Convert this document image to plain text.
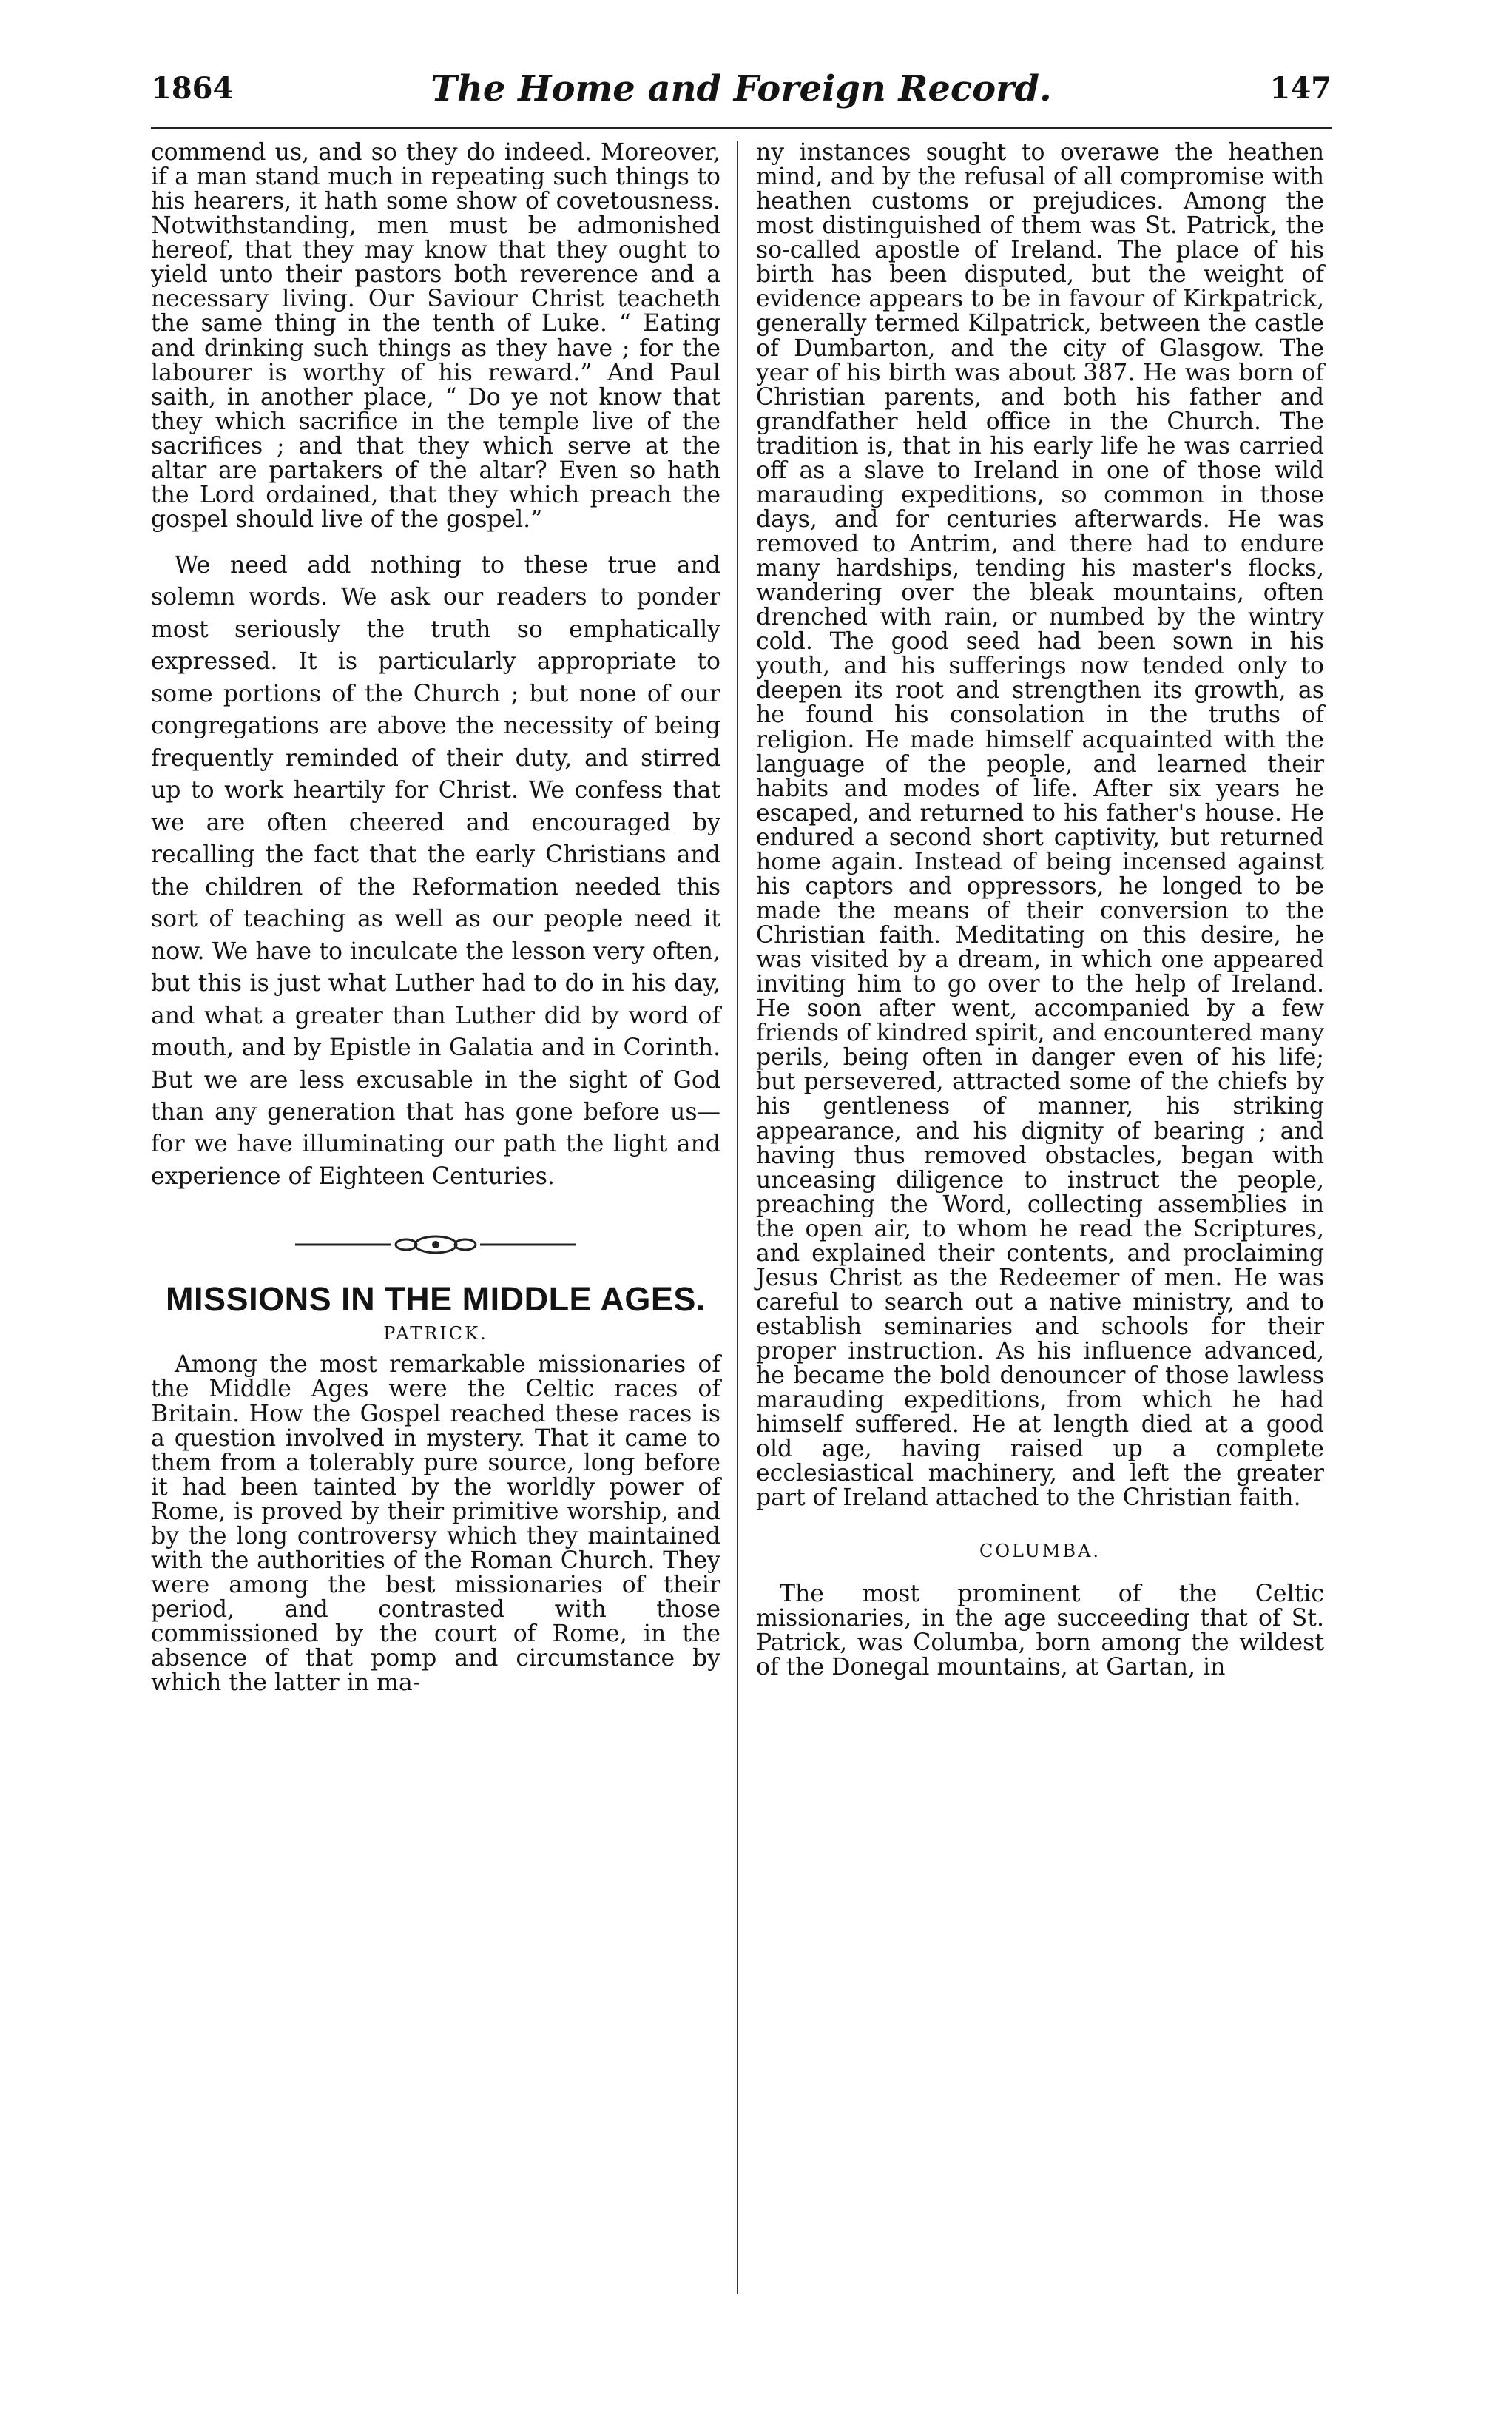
1864	The Home and Foreign Record.	147

commend us, and so they do indeed. Moreover, if a man stand much in repeating such things to his hearers, it hath some show of covetousness. Notwithstanding, men must be admonished hereof, that they may know that they ought to yield unto their pastors both reverence and a necessary living. Our Saviour Christ teacheth the same thing in the tenth of Luke. “ Eating and drinking such things as they have ; for the labourer is worthy of his reward.” And Paul saith, in another place, “ Do ye not know that they which sacrifice in the temple live of the sacrifices ; and that they which serve at the altar are partakers of the altar? Even so hath the Lord ordained, that they which preach the gospel should live of the gospel.”

We need add nothing to these true and solemn words. We ask our readers to ponder most seriously the truth so emphatically expressed. It is particularly appropriate to some portions of the Church ; but none of our congregations are above the necessity of being frequently reminded of their duty, and stirred up to work heartily for Christ. We confess that we are often cheered and encouraged by recalling the fact that the early Christians and the children of the Reformation needed this sort of teaching as well as our people need it now. We have to inculcate the lesson very often, but this is just what Luther had to do in his day, and what a greater than Luther did by word of mouth, and by Epistle in Galatia and in Corinth. But we are less excusable in the sight of God than any generation that has gone before us—for we have illuminating our path the light and experience of Eighteen Centuries.

MISSIONS IN THE MIDDLE AGES.
PATRICK.

Among the most remarkable missionaries of the Middle Ages were the Celtic races of Britain. How the Gospel reached these races is a question involved in mystery. That it came to them from a tolerably pure source, long before it had been tainted by the worldly power of Rome, is proved by their primitive worship, and by the long controversy which they maintained with the authorities of the Roman Church. They were among the best missionaries of their period, and contrasted with those commissioned by the court of Rome, in the absence of that pomp and circumstance by which the latter in ma-

ny instances sought to overawe the heathen mind, and by the refusal of all compromise with heathen customs or prejudices. Among the most distinguished of them was St. Patrick, the so-called apostle of Ireland. The place of his birth has been disputed, but the weight of evidence appears to be in favour of Kirkpatrick, generally termed Kilpatrick, between the castle of Dumbarton, and the city of Glasgow. The year of his birth was about 387. He was born of Christian parents, and both his father and grandfather held office in the Church. The tradition is, that in his early life he was carried off as a slave to Ireland in one of those wild marauding expeditions, so common in those days, and for centuries afterwards. He was removed to Antrim, and there had to endure many hardships, tending his master's flocks, wandering over the bleak mountains, often drenched with rain, or numbed by the wintry cold. The good seed had been sown in his youth, and his sufferings now tended only to deepen its root and strengthen its growth, as he found his consolation in the truths of religion. He made himself acquainted with the language of the people, and learned their habits and modes of life. After six years he escaped, and returned to his father's house. He endured a second short captivity, but returned home again. Instead of being incensed against his captors and oppressors, he longed to be made the means of their conversion to the Christian faith. Meditating on this desire, he was visited by a dream, in which one appeared inviting him to go over to the help of Ireland. He soon after went, accompanied by a few friends of kindred spirit, and encountered many perils, being often in danger even of his life; but persevered, attracted some of the chiefs by his gentleness of manner, his striking appearance, and his dignity of bearing ; and having thus removed obstacles, began with unceasing diligence to instruct the people, preaching the Word, collecting assemblies in the open air, to whom he read the Scriptures, and explained their contents, and proclaiming Jesus Christ as the Redeemer of men. He was careful to search out a native ministry, and to establish seminaries and schools for their proper instruction. As his influence advanced, he became the bold denouncer of those lawless marauding expeditions, from which he had himself suffered. He at length died at a good old age, having raised up a complete ecclesiastical machinery, and left the greater part of Ireland attached to the Christian faith.

COLUMBA.

The most prominent of the Celtic missionaries, in the age succeeding that of St. Patrick, was Columba, born among the wildest of the Donegal mountains, at Gartan, in
